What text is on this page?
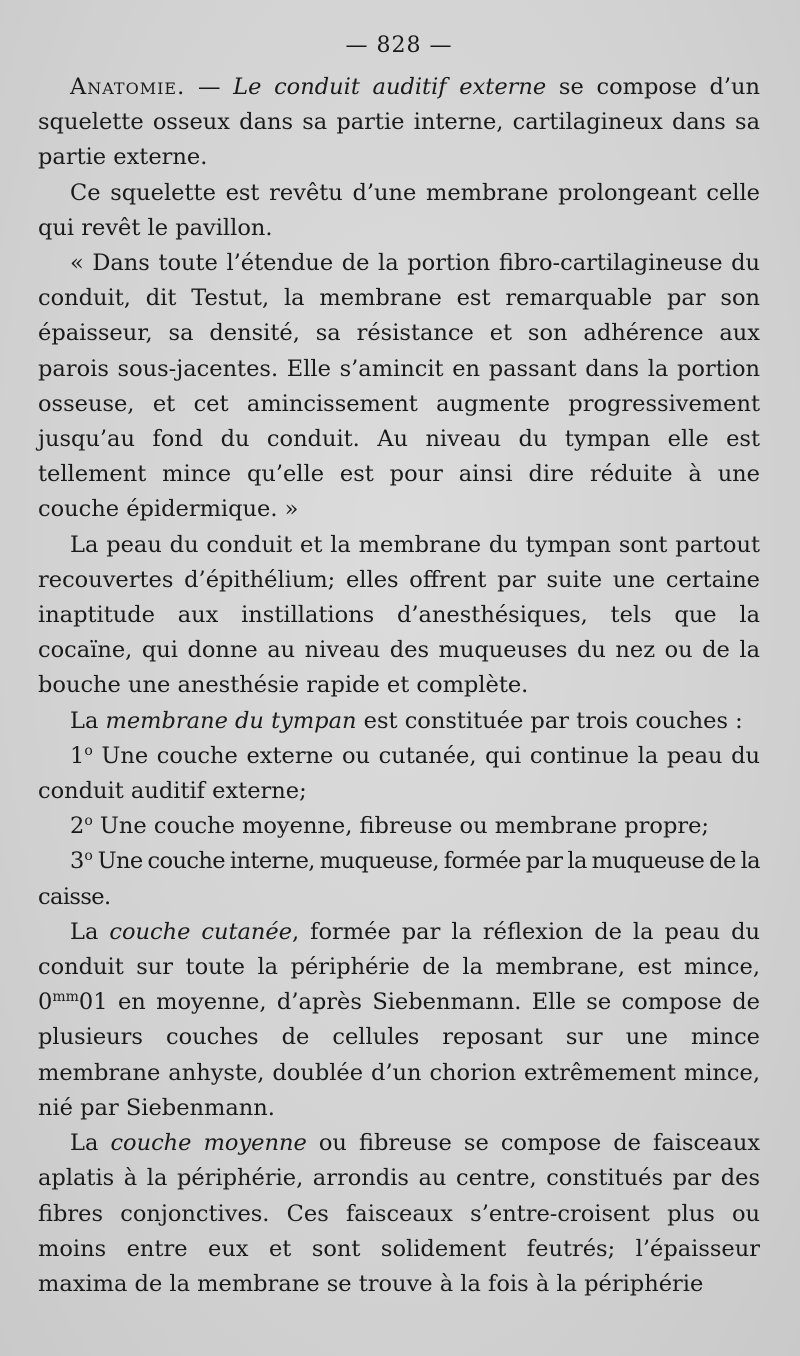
— 828 —

Anatomie. — Le conduit auditif externe se compose d’un squelette osseux dans sa partie interne, cartilagineux dans sa partie externe.

Ce squelette est revêtu d’une membrane prolongeant celle qui revêt le pavillon.

« Dans toute l’étendue de la portion fibro-cartilagineuse du conduit, dit Testut, la membrane est remarquable par son épaisseur, sa densité, sa résistance et son adhérence aux parois sous-jacentes. Elle s’amincit en passant dans la portion osseuse, et cet amincissement augmente progressivement jusqu’au fond du conduit. Au niveau du tympan elle est tellement mince qu’elle est pour ainsi dire réduite à une couche épidermique. »

La peau du conduit et la membrane du tympan sont partout recouvertes d’épithélium; elles offrent par suite une certaine inaptitude aux instillations d’anesthésiques, tels que la cocaïne, qui donne au niveau des muqueuses du nez ou de la bouche une anesthésie rapide et complète.

La membrane du tympan est constituée par trois couches :

1$^o$ Une couche externe ou cutanée, qui continue la peau du conduit auditif externe;

2$^o$ Une couche moyenne, fibreuse ou membrane propre;

3$^o$ Une couche interne, muqueuse, formée par la muqueuse de la caisse.

La couche cutanée, formée par la réflexion de la peau du conduit sur toute la périphérie de la membrane, est mince, $0^{mm}01$ en moyenne, d’après Siebenmann. Elle se compose de plusieurs couches de cellules reposant sur une mince membrane anhyste, doublée d’un chorion extrêmement mince, nié par Siebenmann.

La couche moyenne ou fibreuse se compose de faisceaux aplatis à la périphérie, arrondis au centre, constitués par des fibres conjonctives. Ces faisceaux s’entre-croisent plus ou moins entre eux et sont solidement feutrés; l’épaisseur maxima de la membrane se trouve à la fois à la périphérie
